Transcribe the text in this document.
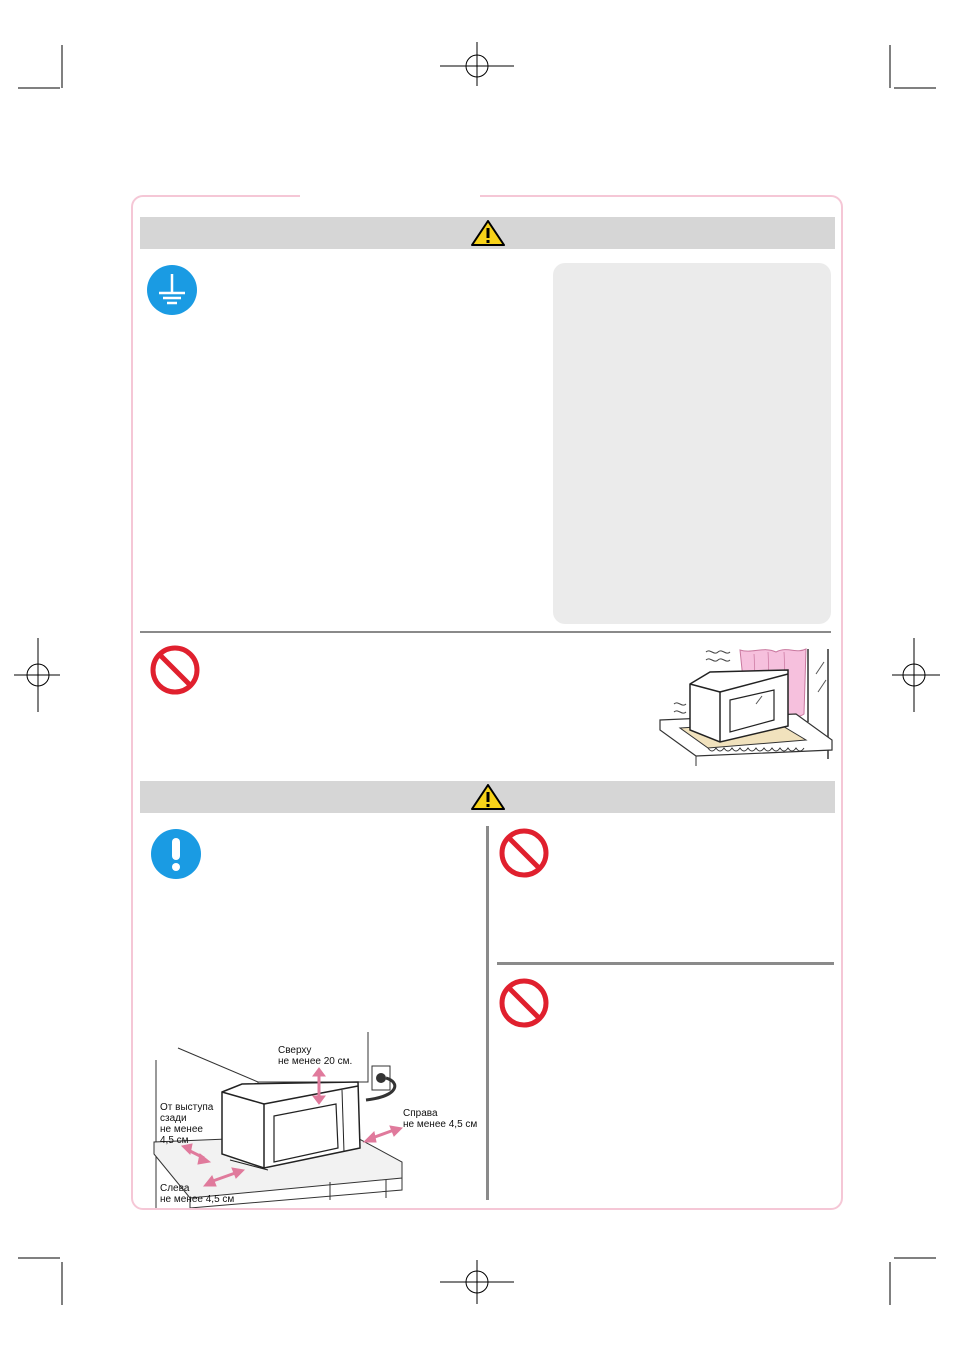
Сверху
не менее 20 см.
От выступа
сзади
не менее
4,5 см
Справа
не менее 4,5 см
Слева
не менее 4,5 см
